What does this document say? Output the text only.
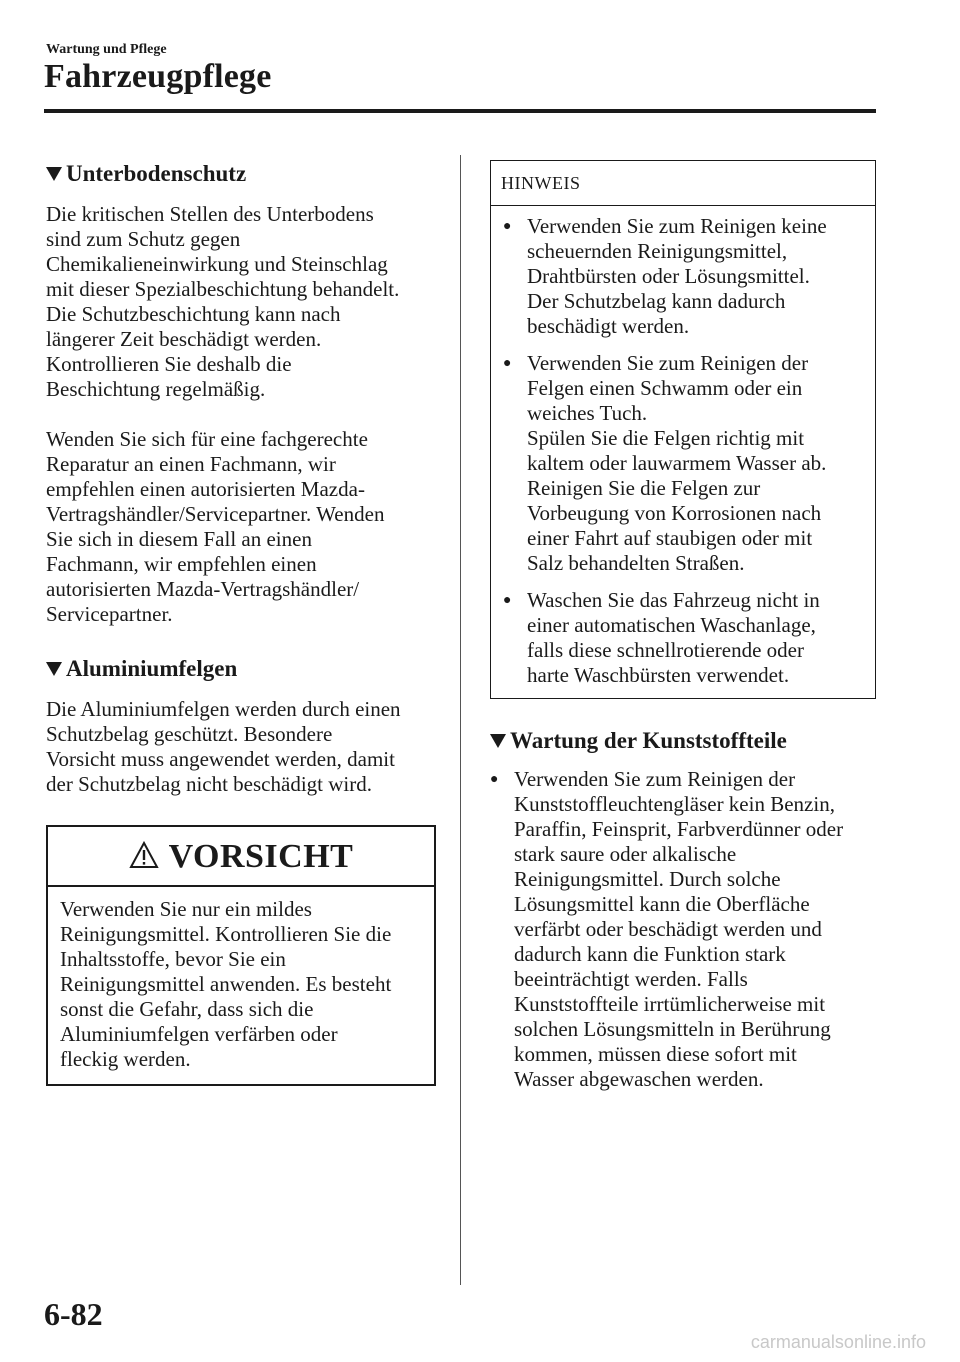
Wartung und Pflege
Fahrzeugpflege
Unterbodenschutz

Die kritischen Stellen des Unterbodens
sind zum Schutz gegen
Chemikalieneinwirkung und Steinschlag
mit dieser Spezialbeschichtung behandelt.
Die Schutzbeschichtung kann nach
längerer Zeit beschädigt werden.
Kontrollieren Sie deshalb die
Beschichtung regelmäßig.

Wenden Sie sich für eine fachgerechte
Reparatur an einen Fachmann, wir
empfehlen einen autorisierten Mazda-
Vertragshändler/Servicepartner. Wenden
Sie sich in diesem Fall an einen
Fachmann, wir empfehlen einen
autorisierten Mazda-Vertragshändler/
Servicepartner.

Aluminiumfelgen

Die Aluminiumfelgen werden durch einen
Schutzbelag geschützt. Besondere
Vorsicht muss angewendet werden, damit
der Schutzbelag nicht beschädigt wird.

VORSICHT
Verwenden Sie nur ein mildes
Reinigungsmittel. Kontrollieren Sie die
Inhaltsstoffe, bevor Sie ein
Reinigungsmittel anwenden. Es besteht
sonst die Gefahr, dass sich die
Aluminiumfelgen verfärben oder
fleckig werden.
HINWEIS
● Verwenden Sie zum Reinigen keine
scheuernden Reinigungsmittel,
Drahtbürsten oder Lösungsmittel.
Der Schutzbelag kann dadurch
beschädigt werden.
● Verwenden Sie zum Reinigen der
Felgen einen Schwamm oder ein
weiches Tuch.
Spülen Sie die Felgen richtig mit
kaltem oder lauwarmem Wasser ab.
Reinigen Sie die Felgen zur
Vorbeugung von Korrosionen nach
einer Fahrt auf staubigen oder mit
Salz behandelten Straßen.
● Waschen Sie das Fahrzeug nicht in
einer automatischen Waschanlage,
falls diese schnellrotierende oder
harte Waschbürsten verwendet.
Wartung der Kunststoffteile
● Verwenden Sie zum Reinigen der
Kunststoffleuchtengläser kein Benzin,
Paraffin, Feinsprit, Farbverdünner oder
stark saure oder alkalische
Reinigungsmittel. Durch solche
Lösungsmittel kann die Oberfläche
verfärbt oder beschädigt werden und
dadurch kann die Funktion stark
beeinträchtigt werden. Falls
Kunststoffteile irrtümlicherweise mit
solchen Lösungsmitteln in Berührung
kommen, müssen diese sofort mit
Wasser abgewaschen werden.
6-82
carmanualsonline.info
